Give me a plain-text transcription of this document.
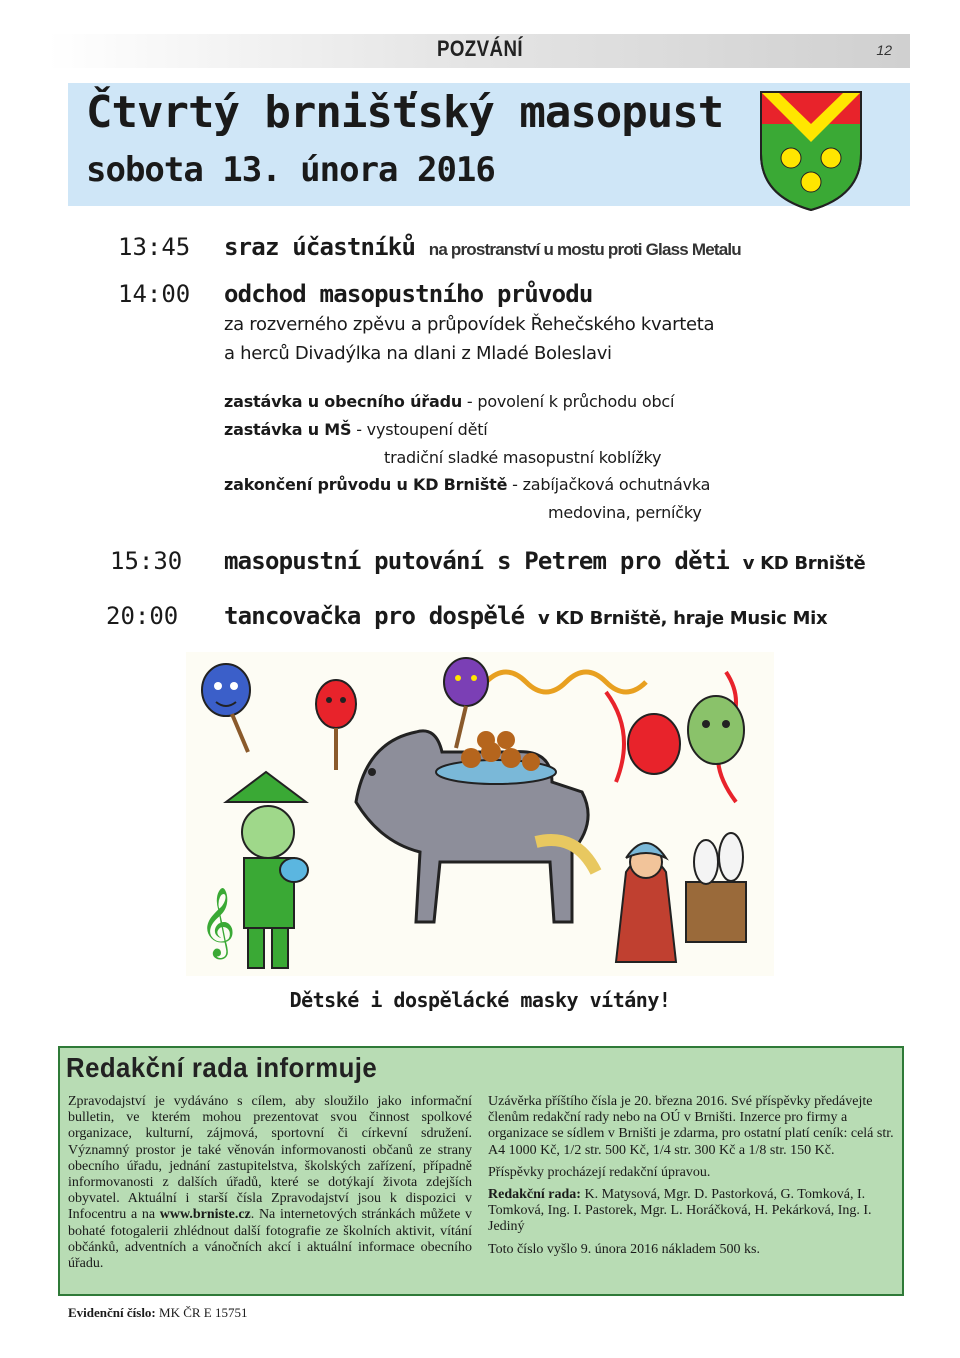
POZVÁNÍ	12
Čtvrtý brnišťský masopust
sobota 13. února 2016
13:45 sraz účastníků na prostranství u mostu proti Glass Metalu
14:00 odchod masopustního průvodu
za rozverného zpěvu a průpovídek Řehečského kvarteta
a herců Divadýlka na dlani z Mladé Boleslavi
zastávka u obecního úřadu - povolení k průchodu obcí
zastávka u MŠ - vystoupení dětí
tradiční sladké masopustní koblížky
zakončení průvodu u KD Brniště - zabíjačková ochutnávka
medovina, perníčky
15:30 masopustní putování s Petrem pro děti v KD Brniště
20:00 tancovačka pro dospělé v KD Brniště, hraje Music Mix
𝄞
Dětské i dospělácké masky vítány!
Redakční rada informuje

Zpravodajství je vydáváno s cílem, aby sloužilo jako informační bulletin, ve kterém mohou prezentovat svou činnost spolkové organizace, kulturní, zájmová, sportovní či církevní sdružení. Významný prostor je také věnován informovanosti občanů ze strany obecního úřadu, jednání zastupitelstva, školských zařízení, případně informovanosti z dalších úřadů, které se dotýkají života zdejších obyvatel. Aktuální i starší čísla Zpravodajství jsou k dispozici v Infocentru a na www.brniste.cz. Na internetových stránkách můžete v bohaté fotogalerii zhlédnout další fotografie ze školních aktivit, vítání občánků, adventních a vánočních akcí i aktuální informace obecního úřadu.

Uzávěrka příštího čísla je 20. března 2016. Své příspěvky předávejte členům redakční rady nebo na OÚ v Brništi. Inzerce pro firmy a organizace se sídlem v Brništi je zdarma, pro ostatní platí ceník: celá str. A4 1000 Kč, 1/2 str. 500 Kč, 1/4 str. 300 Kč a 1/8 str. 150 Kč.

Příspěvky procházejí redakční úpravou.

Redakční rada: K. Matysová, Mgr. D. Pastorková, G. Tomková, I. Tomková, Ing. I. Pastorek, Mgr. L. Horáčková, H. Pekárková, Ing. I. Jediný

Toto číslo vyšlo 9. února 2016 nákladem 500 ks.

Evidenční číslo: MK ČR E 15751
